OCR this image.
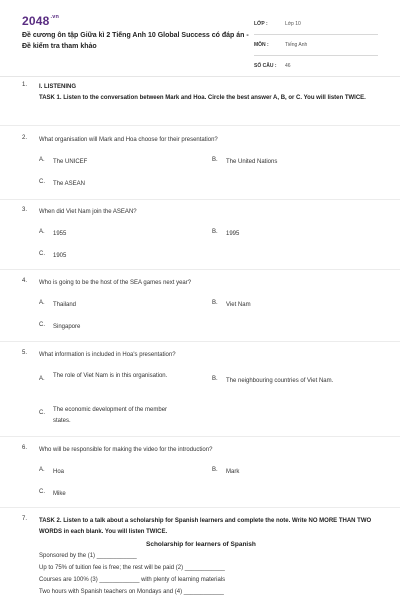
$2048^{.vn}$
Đề cương ôn tập Giữa kì 2 Tiếng Anh 10 Global Success có đáp án - Đề kiểm tra tham khảo
LỚP :	Lớp 10
MÔN :	Tiếng Anh
SỐ CÂU : 46
1. I. LISTENING
TASK 1. Listen to the conversation between Mark and Hoa. Circle the best answer A, B, or C. You will listen TWICE.
2. What organisation will Mark and Hoa choose for their presentation?
A. The UNICEF	B. The United Nations
C. The ASEAN
3. When did Viet Nam join the ASEAN?
A. 1955	B. 1995
C. 1905
4. Who is going to be the host of the SEA games next year?
A. Thailand	B. Viet Nam
C. Singapore
5. What information is included in Hoa's presentation?
A. The role of Viet Nam is in this organisation.	B. The neighbouring countries of Viet Nam.
C. The economic development of the member states.
6. Who will be responsible for making the video for the introduction?
A. Hoa	B. Mark
C. Mike
7. TASK 2. Listen to a talk about a scholarship for Spanish learners and complete the note. Write NO MORE THAN TWO WORDS in each blank. You will listen TWICE.
Scholarship for learners of Spanish
Sponsored by the (1) ____________
Up to 75% of tuition fee is free; the rest will be paid (2) ____________
Courses are 100% (3) ____________ with plenty of learning materials
Two hours with Spanish teachers on Mondays and (4) ____________
